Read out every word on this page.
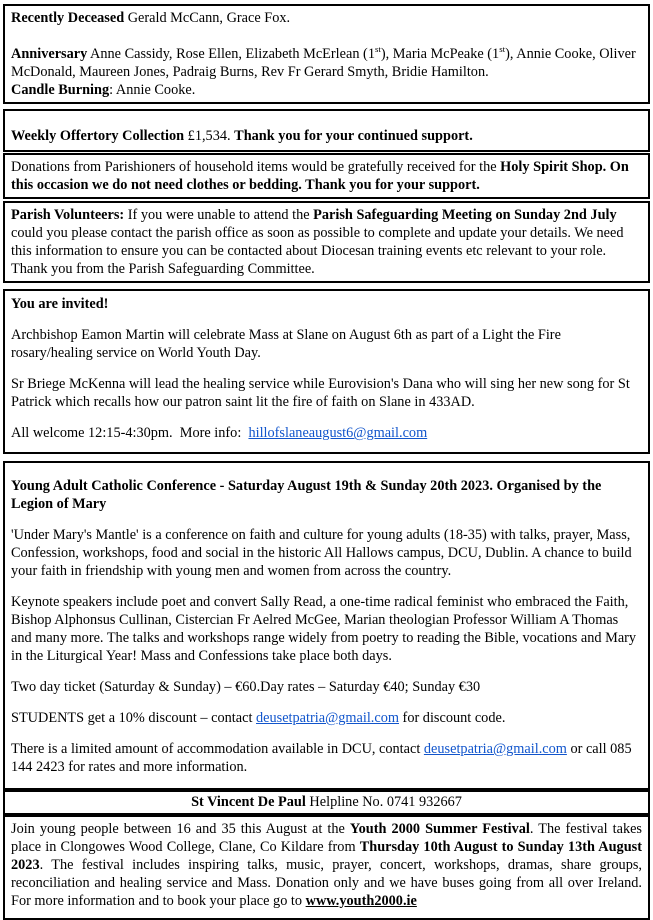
Recently Deceased Gerald McCann, Grace Fox.

Anniversary Anne Cassidy, Rose Ellen, Elizabeth McErlean (1st), Maria McPeake (1st), Annie Cooke, Oliver McDonald, Maureen Jones, Padraig Burns, Rev Fr Gerard Smyth, Bridie Hamilton.

Candle Burning: Annie Cooke.

Weekly Offertory Collection £1,534. Thank you for your continued support.

Donations from Parishioners of household items would be gratefully received for the Holy Spirit Shop. On this occasion we do not need clothes or bedding. Thank you for your support.

Parish Volunteers: If you were unable to attend the Parish Safeguarding Meeting on Sunday 2nd July could you please contact the parish office as soon as possible to complete and update your details. We need this information to ensure you can be contacted about Diocesan training events etc relevant to your role. Thank you from the Parish Safeguarding Committee.

You are invited!

Archbishop Eamon Martin will celebrate Mass at Slane on August 6th as part of a Light the Fire rosary/healing service on World Youth Day.

Sr Briege McKenna will lead the healing service while Eurovision's Dana who will sing her new song for St Patrick which recalls how our patron saint lit the fire of faith on Slane in 433AD.

All welcome 12:15-4:30pm.  More info:  hillofslaneaugust6@gmail.com

Young Adult Catholic Conference - Saturday August 19th & Sunday 20th 2023. Organised by the Legion of Mary

'Under Mary's Mantle' is a conference on faith and culture for young adults (18-35) with talks, prayer, Mass, Confession, workshops, food and social in the historic All Hallows campus, DCU, Dublin. A chance to build your faith in friendship with young men and women from across the country.

Keynote speakers include poet and convert Sally Read, a one-time radical feminist who embraced the Faith, Bishop Alphonsus Cullinan, Cistercian Fr Aelred McGee, Marian theologian Professor William A Thomas and many more. The talks and workshops range widely from poetry to reading the Bible, vocations and Mary in the Liturgical Year! Mass and Confessions take place both days.

Two day ticket (Saturday & Sunday) – €60.Day rates – Saturday €40; Sunday €30

STUDENTS get a 10% discount – contact deusetpatria@gmail.com for discount code.

There is a limited amount of accommodation available in DCU, contact deusetpatria@gmail.com or call 085 144 2423 for rates and more information.

St Vincent De Paul Helpline No. 0741 932667

Join young people between 16 and 35 this August at the Youth 2000 Summer Festival. The festival takes place in Clongowes Wood College, Clane, Co Kildare from Thursday 10th August to Sunday 13th August 2023. The festival includes inspiring talks, music, prayer, concert, workshops, dramas, share groups, reconciliation and healing service and Mass. Donation only and we have buses going from all over Ireland. For more information and to book your place go to www.youth2000.ie
